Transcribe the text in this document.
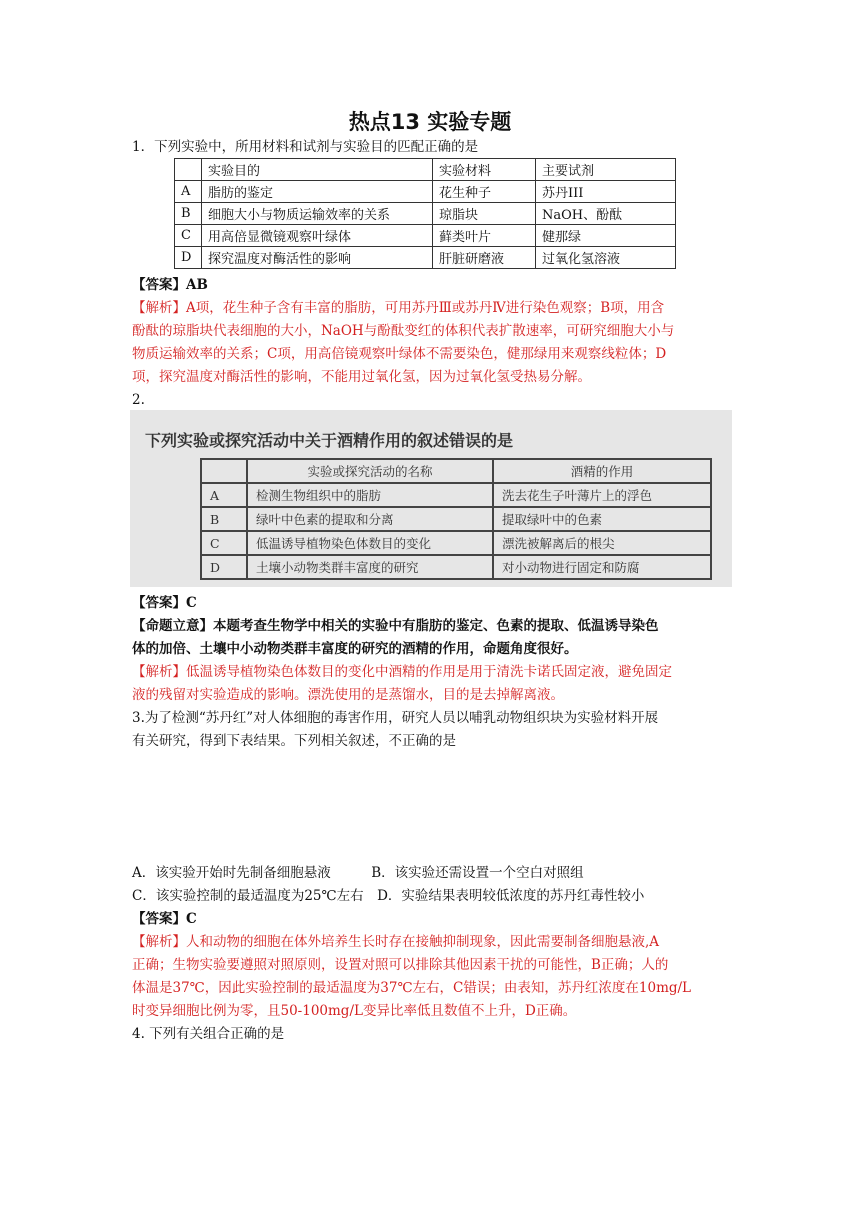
热点13 实验专题
1．下列实验中，所用材料和试剂与实验目的匹配正确的是
	实验目的	实验材料	主要试剂
A	脂肪的鉴定	花生种子	苏丹III
B	细胞大小与物质运输效率的关系	琼脂块	NaOH、酚酞
C	用高倍显微镜观察叶绿体	藓类叶片	健那绿
D	探究温度对酶活性的影响	肝脏研磨液	过氧化氢溶液
【答案】AB
【解析】A项，花生种子含有丰富的脂肪，可用苏丹Ⅲ或苏丹Ⅳ进行染色观察；B项，用含
酚酞的琼脂块代表细胞的大小，NaOH与酚酞变红的体积代表扩散速率，可研究细胞大小与
物质运输效率的关系；C项，用高倍镜观察叶绿体不需要染色，健那绿用来观察线粒体；D
项，探究温度对酶活性的影响，不能用过氧化氢，因为过氧化氢受热易分解。
2.
下列实验或探究活动中关于酒精作用的叙述错误的是
	实验或探究活动的名称	酒精的作用
A	检测生物组织中的脂肪	洗去花生子叶薄片上的浮色
B	绿叶中色素的提取和分离	提取绿叶中的色素
C	低温诱导植物染色体数目的变化	漂洗被解离后的根尖
D	土壤小动物类群丰富度的研究	对小动物进行固定和防腐
【答案】C
【命题立意】本题考查生物学中相关的实验中有脂肪的鉴定、色素的提取、低温诱导染色
体的加倍、土壤中小动物类群丰富度的研究的酒精的作用，命题角度很好。
【解析】低温诱导植物染色体数目的变化中酒精的作用是用于清洗卡诺氏固定液，避免固定
液的残留对实验造成的影响。漂洗使用的是蒸馏水，目的是去掉解离液。
3.为了检测“苏丹红”对人体细胞的毒害作用，研究人员以哺乳动物组织块为实验材料开展
有关研究，得到下表结果。下列相关叙述，不正确的是
A．该实验开始时先制备细胞悬液　　　B．该实验还需设置一个空白对照组
C．该实验控制的最适温度为25℃左右　D．实验结果表明较低浓度的苏丹红毒性较小
【答案】C
【解析】人和动物的细胞在体外培养生长时存在接触抑制现象，因此需要制备细胞悬液,A
正确；生物实验要遵照对照原则，设置对照可以排除其他因素干扰的可能性，B正确；人的
体温是37℃，因此实验控制的最适温度为37℃左右，C错误；由表知，苏丹红浓度在10mg/L
时变异细胞比例为零，且50-100mg/L变异比率低且数值不上升，D正确。
4. 下列有关组合正确的是
